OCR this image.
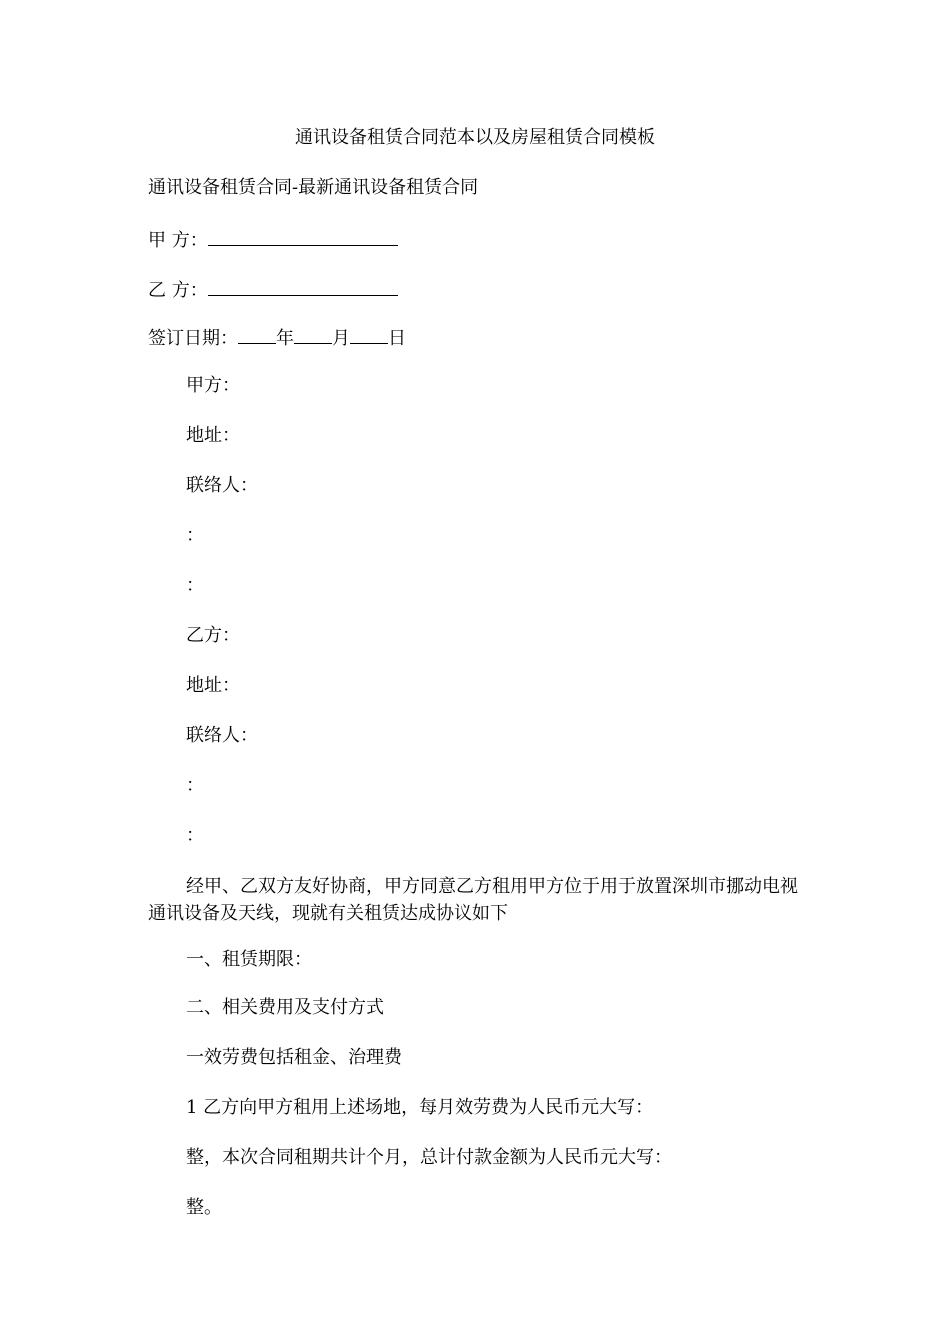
通讯设备租赁合同范本以及房屋租赁合同模板

通讯设备租赁合同-最新通讯设备租赁合同

甲 方：

乙 方：

签订日期： 年 月 日

甲方：

地址：

联络人：

：

：

乙方：

地址：

联络人：

：

：

经甲、乙双方友好协商，甲方同意乙方租用甲方位于用于放置深圳市挪动电视通讯设备及天线，现就有关租赁达成协议如下

一、租赁期限：

二、相关费用及支付方式

一效劳费包括租金、治理费

1 乙方向甲方租用上述场地，每月效劳费为人民币元大写：

整，本次合同租期共计个月，总计付款金额为人民币元大写：

整。
